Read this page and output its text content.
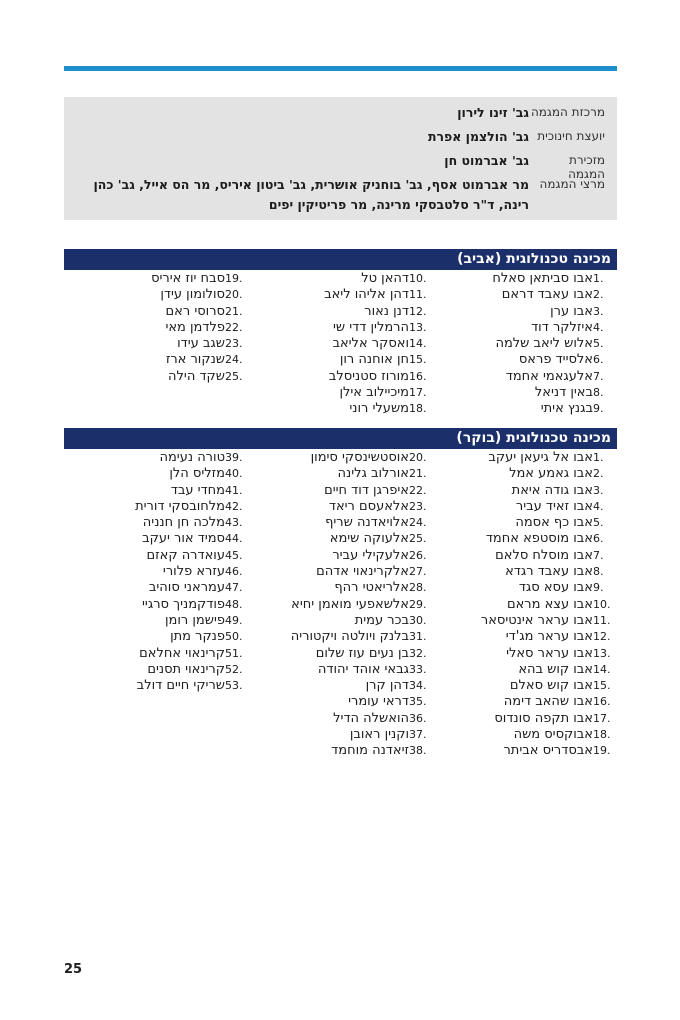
מרכזת המגמה
גב' זינו לירון
יועצת חינוכית
גב' הולצמן אפרת
מזכירת המגמה
גב' אברמוט חן
מרצי המגמה
מר אברמוט אסף, גב' בוחניק אושרית, גב' ביטון איריס, מר הס אייל, גב' כהן רינה, ד"ר סלטבסקי מרינה, מר פריטיקין יפים
מכינה טכנולוגית (אביב)
1.
אבו סביתאן סאלח
2.
אבו עאבד דראם
3.
אבו ערן
4.
איזלקר דוד
5.
אלוש ליאב שלמה
6.
אלסייד פראס
7.
אלעגאמי אחמד
8.
באין דניאל
9.
בגנץ איתי
10.
דהאן טל
11.
דהן אליהו ליאב
12.
דנן נאור
13.
הרמלין דדי שי
14.
ואסקר אליאב
15.
חן אוחנה רון
16.
מורוז סטניסלב
17.
מיכיילוב אילן
18.
משעלי רוני
19.
סבח יוז איריס
20.
סולומון עידן
21.
סרוסי ראם
22.
פלדמן מאי
23.
שגב עידו
24.
שנקור ארז
25.
שקד הילה
מכינה טכנולוגית (בוקר)
1.
אבו אל גיעאן יעקב
2.
אבו גאמע אמל
3.
אבו גודה איאת
4.
אבו זאיד עביר
5.
אבו כף אסמה
6.
אבו מוסטפא אחמד
7.
אבו מוסלח סלאם
8.
אבו עאבד רגדא
9.
אבו עסא סגד
10.
אבו עצא מראם
11.
אבו עראר אינטיסאר
12.
אבו עראר מג'די
13.
אבו עראר סאלי
14.
אבו קוש בהא
15.
אבו קוש סאלם
16.
אבו שהאב דימה
17.
אבו תקפה סונדוס
18.
אבוקסיס משה
19.
אבסדריס אביתר
20.
אוסטשינסקי סימון
21.
אורלוב גלינה
22.
איפרגן דוד חיים
23.
אלאעסם ריאד
24.
אלויאדנה שריף
25.
אלעוקה שימא
26.
אלעקילי עביר
27.
אלקרינאוי אדהם
28.
אלריאטי רהף
29.
אלשאפעי מואמן יחיא
30.
בכר עמית
31.
בלנק ויולטה ויקטוריה
32.
בן נעים עוז שלום
33.
גבאי אוהד יהודה
34.
דהן קרן
35.
דראי עומרי
36.
הואשלה הדיל
37.
וקנין ראובן
38.
זיאדנה מוחמד
39.
טורה נעימה
40.
מזליס הלן
41.
מחדי עבד
42.
מלחובסקי דורית
43.
מלכה חן חנניה
44.
סמיד אור יעקב
45.
עואדרה קאזם
46.
עזרא פלורי
47.
עמראני סוהיב
48.
פודקמניך סרגיי
49.
פישמן רומן
50.
פנקר מתן
51.
קרינאוי אחלאם
52.
קרינאוי תסנים
53.
שריקי חיים דולב
25
